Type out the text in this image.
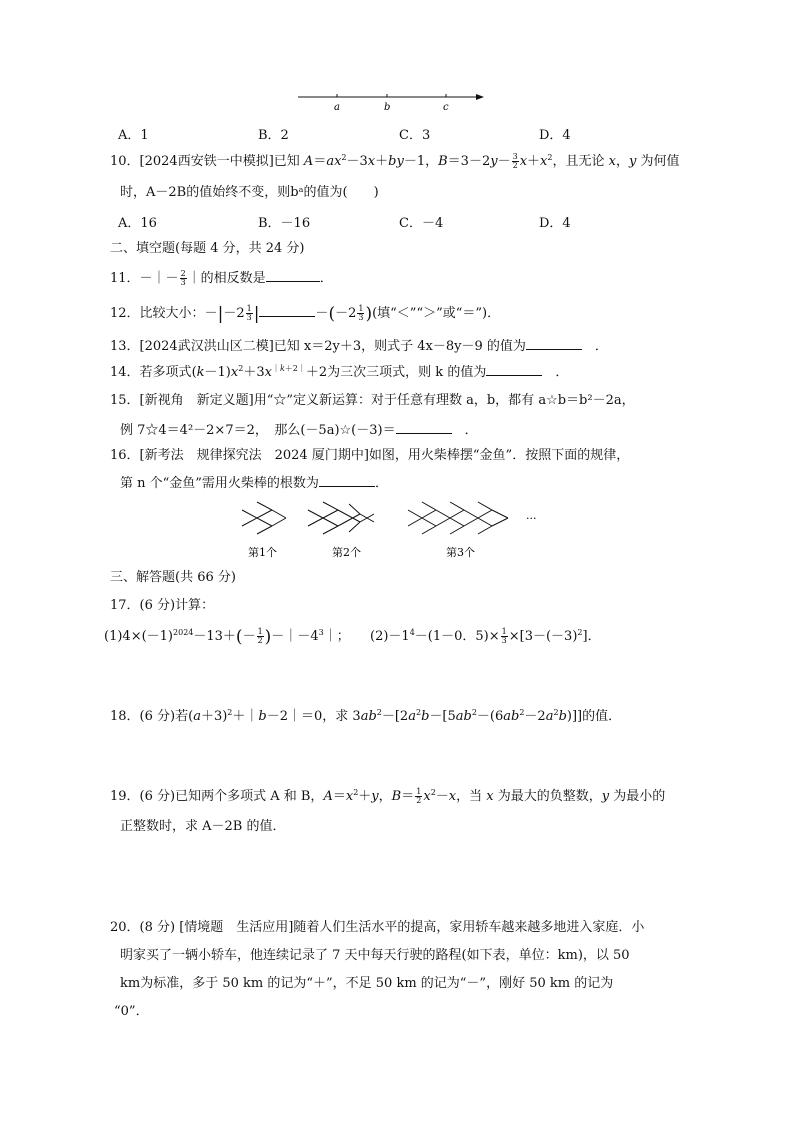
a	b	c
A．1	B．2	C．3	D．4
10．[2024西安铁一中模拟]已知 $A=ax^2-3x+by-1$，$B=3-2y- \frac{3}{2} x+x^2$，且无论 x，y 为何值
时，A－2B的值始终不变，则bᵃ的值为(　　)
A．16	B．－16	C．－4	D．4
二、填空题(每题 4 分，共 24 分)
11．－｜－ $\frac{2}{3}$ ｜的相反数是	．
12．比较大小：$-|-2 \frac{1}{3}$ |	$-(-2 \frac{1}{3}$ )(填“＜”“＞”或“＝”)．
13．[2024武汉洪山区二模]已知 x＝2y＋3，则式子 4x－8y－9 的值为	　．
14．若多项式$(k-1)x^2+3x^{|k+2|}+2$为三次三项式，则 k 的值为	　．
15．[新视角　新定义题]用“☆”定义新运算：对于任意有理数 a，b，都有 a☆b＝b²－2a，
例 7☆4＝4²－2×7＝2，　那么(－5a)☆(－3)＝	　．
16．[新考法　规律探究法　2024 厦门期中]如图，用火柴棒摆“金鱼”．按照下面的规律，
第 n 个“金鱼”需用火柴棒的根数为	．
···
第1个	第2个	第3个
三、解答题(共 66 分)
17．(6 分)计算：
$(1)4\times(-1)^{2024}-13+(- \frac{1}{2}$ )$-|-4^3|$； $(2)-1^4-(1-0$．$5)\times \frac{1}{3} \times[3-(-3)^2]$．
18．(6 分)若$(a+3)^2+|b-2|=0$，求 $3ab^2-[2a^2b-[5ab^2-(6ab^2-2a^2b)]]$的值．
19．(6 分)已知两个多项式 A 和 B，$A=x^2+y$，$B= \frac{1}{2} x^2-x$，当 x 为最大的负整数，y 为最小的
正整数时，求 A－2B 的值．
20．(8 分) [情境题　生活应用]随着人们生活水平的提高，家用轿车越来越多地进入家庭．小
明家买了一辆小轿车，他连续记录了 7 天中每天行驶的路程(如下表，单位：km)，以 50
km为标准，多于 50 km 的记为“＋”，不足 50 km 的记为“－”，刚好 50 km 的记为
“0”．
